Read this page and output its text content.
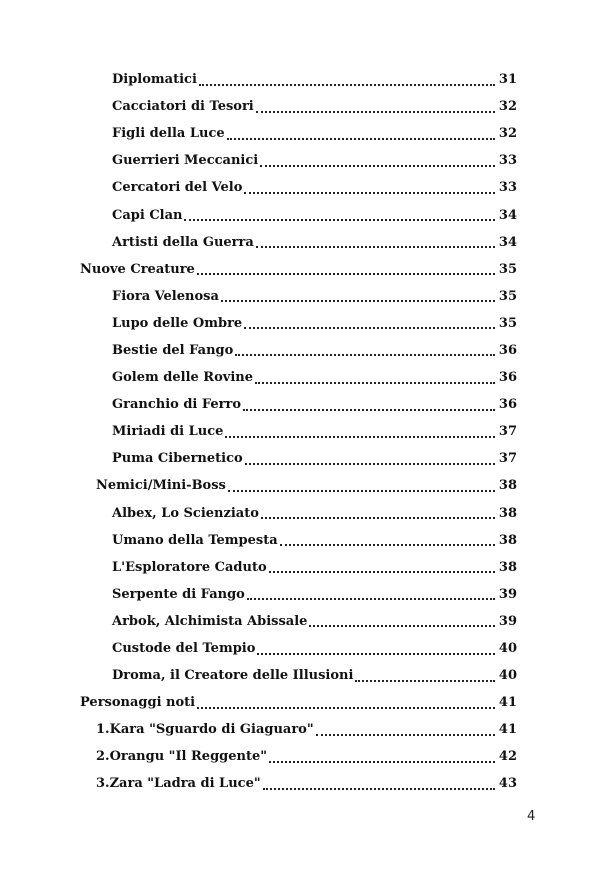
Diplomatici	31
Cacciatori di Tesori	32
Figli della Luce	32
Guerrieri Meccanici	33
Cercatori del Velo	33
Capi Clan	34
Artisti della Guerra	34
Nuove Creature	35
Fiora Velenosa	35
Lupo delle Ombre	35
Bestie del Fango	36
Golem delle Rovine	36
Granchio di Ferro	36
Miriadi di Luce	37
Puma Cibernetico	37
Nemici/Mini-Boss	38
Albex, Lo Scienziato	38
Umano della Tempesta	38
L'Esploratore Caduto	38
Serpente di Fango	39
Arbok, Alchimista Abissale	39
Custode del Tempio	40
Droma, il Creatore delle Illusioni	40
Personaggi noti	41
1.Kara "Sguardo di Giaguaro"	41
2.Orangu "Il Reggente"	42
3.Zara "Ladra di Luce"	43
4
